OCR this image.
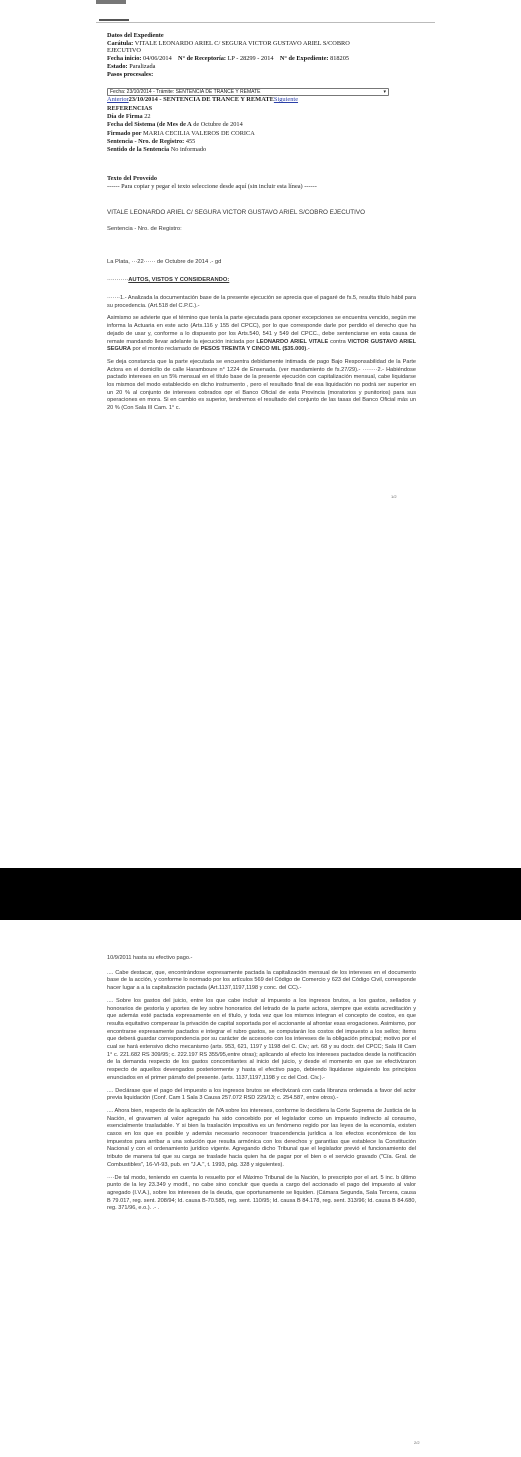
Datos del Expediente
Carátula: VITALE LEONARDO ARIEL C/ SEGURA VICTOR GUSTAVO ARIEL S/COBRO
EJECUTIVO
Fecha inicio: 04/06/2014 N° de Receptoría: LP - 28299 - 2014 N° de Expediente: 818205
Estado: Paralizada
Pasos procesales:
Fecha: 23/10/2014 - Trámite: SENTENCIA DE TRANCE Y REMATE	▾
Anterior23/10/2014 - SENTENCIA DE TRANCE Y REMATESiguiente
REFERENCIAS
Día de Firma 22
Fecha del Sistema (de Mes de A de Octubre de 2014
Firmado por MARIA CECILIA VALEROS DE CORICA
Sentencia - Nro. de Registro: 455
Sentido de la Sentencia No informado
Texto del Proveído
------ Para copiar y pegar el texto seleccione desde aquí (sin incluir esta línea) ------
VITALE LEONARDO ARIEL C/ SEGURA VICTOR GUSTAVO ARIEL S/COBRO EJECUTIVO
Sentencia - Nro. de Registro:
La Plata, ···22······ de Octubre de 2014 .- gd
···········AUTOS, VISTOS Y CONSIDERANDO:

·······1.- Analizada la documentación base de la presente ejecución se aprecia que el pagaré de fs.5, resulta título hábil para su procedencia. (Art.518 del C.P.C.).-

Asimismo se advierte que el término que tenía la parte ejecutada para oponer excepciones se encuentra vencido, según me informa la Actuaria en este acto (Arts.116 y 155 del CPCC), por lo que corresponde darle por perdido el derecho que ha dejado de usar y, conforme a lo dispuesto por los Arts.540, 541 y 549 del CPCC., debe sentenciarse en esta causa de remate mandando llevar adelante la ejecución iniciada por LEONARDO ARIEL VITALE contra VICTOR GUSTAVO ARIEL SEGURA por el monto reclamado de PESOS TREINTA Y CINCO MIL ($35.000).-

Se deja constancia que la parte ejecutada se encuentra debidamente intimada de pago Bajo Responsabilidad de la Parte Actora en el domicilio de calle Harambourе n° 1224 de Ensenada. (ver mandamiento de fs.27/29).- ········2.- Habiéndose pactado intereses en un 5% mensual en el título base de la presente ejecución con capitalización mensual, cabe liquidarse los mismos del modo establecido en dicho instrumento , pero el resultado final de esa liquidación no podrá ser superior en un 20 % al conjunto de intereses cobrados opr el Banco Oficial de esta Provincia (moratorios y punitorios) para sus operaciones en mora. Si en cambio es superior, tendremos el resultado del conjunto de las tasas del Banco Oficial más un 20 % (Con Sala III Cam. 1° c.

1/2

10/9/2011 hasta su efectivo pago.-

.... Cabe destacar, que, encontrándose expresamente pactada la capitalización mensual de los intereses en el documento base de la acción, y conforme lo normado por los artículos 569 del Código de Comercio y 623 del Código Civil, corresponde hacer lugar a a la capitalización pactada (Art.1137,1197,1198 y conc. del CC).-

.... Sobre los gastos del juicio, entre los que cabe incluir al impuesto a los ingresos brutos, a los gastos, sellados y honorarios de gestoría y aportes de ley sobre honorarios del letrado de la parte actora, siempre que exista acreditación y que además esté pactada expresamente en el título, y toda vez que los mismos integran el concepto de costos, es que resulta equitativo compensar la privación de capital soportada por el accionante al afrontar esas erogaciones. Asimismo, por encontrarse expresamente pactados e integrar el rubro gastos, se computarán los costos del impuesto a los sellos; ítems que deberá guardar correspondencia por su carácter de accesorio con los intereses de la obligación principal; motivo por el cual se hará extensivo dicho mecanismo (arts. 953, 621, 1197 y 1198 del C. Civ.; art. 68 y su doctr. del CPCC; Sala III Cam 1° c. 221.682 RS 309/95; c. 222.197 RS 355/95,entre otras); aplicando al efecto los intereses pactados desde la notificación de la demanda respecto de los gastos concomitantes al inicio del juicio, y desde el momento en que se efectivizaron respecto de aquellos devengados posteriormente y hasta el efectivo pago, debiendo liquidarse siguiendo los principios enunciados en el primer párrafo del presente. (arts. 1137,1197,1198 y cc del Cod. Civ.).-

.... Declárase que el pago del impuesto a los ingresos brutos se efectivizará con cada libranza ordenada a favor del actor previa liquidación (Conf. Cam 1 Sala 3 Causa 257.072 RSD 229/13; c. 254.587, entre otros).-

.... Ahora bien, respecto de la aplicación de IVA sobre los intereses, conforme lo decidiera la Corte Suprema de Justicia de la Nación, el gravamen al valor agregado ha sido concebido por el legislador como un impuesto indirecto al consumo, esencialmente trasladable. Y si bien la traslación impositiva es un fenómeno regido por las leyes de la economía, existen casos en los que es posible y además necesario reconocer trascendencia jurídica a los efectos económicos de los impuestos para arribar a una solución que resulta armónica con los derechos y garantías que establece la Constitución Nacional y con el ordenamiento jurídico vigente. Agregando dicho Tribunal que el legislador previó el funcionamiento del tributo de manera tal que su carga se traslade hacia quien ha de pagar por el bien o el servicio gravado ("Cía. Gral. de Combustibles", 16-VI-93, pub. en "J.A.", t. 1993, pág. 328 y siguientes).

····De tal modo, teniendo en cuenta lo resuelto por el Máximo Tribunal de la Nación, lo prescripto por el art. 5 inc. b último punto de la ley 23.349 y modif., no cabe sino concluir que queda a cargo del accionado el pago del impuesto al valor agregado (I.V.A.), sobre los intereses de la deuda, que oportunamente se liquiden. (Cámara Segunda, Sala Tercera, causa B 79.017, reg. sent. 208/94; Id. causa B-70.585, reg. sent. 110/95; Id. causa B 84.178, reg. sent. 313/96; Id. causa B 84.680, reg. 371/96, e.o.). .- .

2/2
